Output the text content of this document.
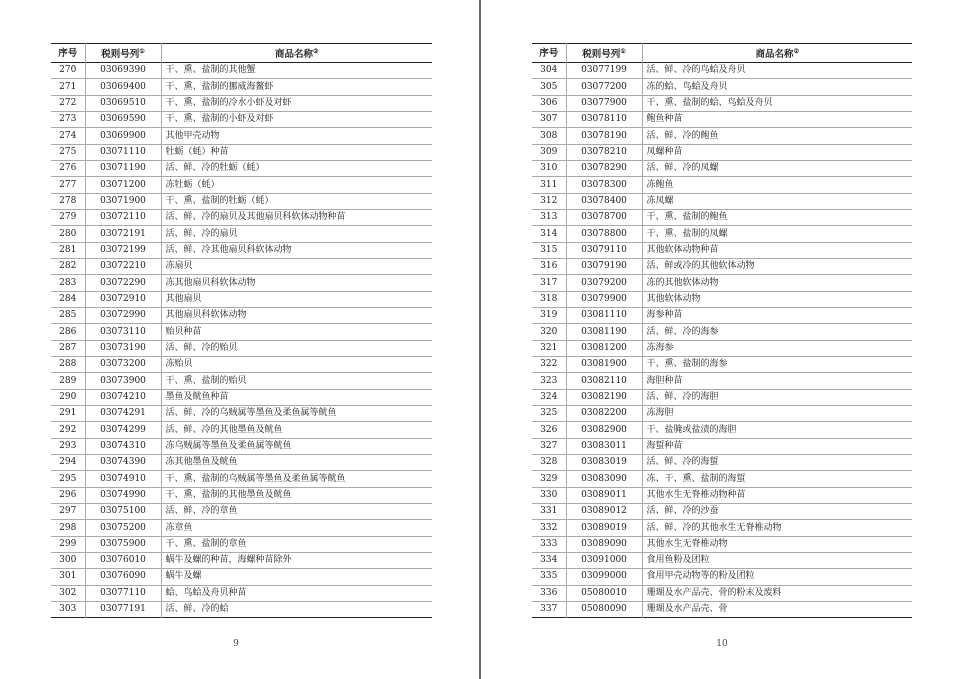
序号	税则号列①	商品名称②
270	03069390	干、熏、盐制的其他蟹
271	03069400	干、熏、盐制的挪威海鳌虾
272	03069510	干、熏、盐制的冷水小虾及对虾
273	03069590	干、熏、盐制的小虾及对虾
274	03069900	其他甲壳动物
275	03071110	牡蛎（蚝）种苗
276	03071190	活、鲜、冷的牡蛎（蚝）
277	03071200	冻牡蛎（蚝）
278	03071900	干、熏、盐制的牡蛎（蚝）
279	03072110	活、鲜、冷的扇贝及其他扇贝科软体动物种苗
280	03072191	活、鲜、冷的扇贝
281	03072199	活、鲜、冷其他扇贝科软体动物
282	03072210	冻扇贝
283	03072290	冻其他扇贝科软体动物
284	03072910	其他扇贝
285	03072990	其他扇贝科软体动物
286	03073110	贻贝种苗
287	03073190	活、鲜、冷的贻贝
288	03073200	冻贻贝
289	03073900	干、熏、盐制的贻贝
290	03074210	墨鱼及鱿鱼种苗
291	03074291	活、鲜、冷的乌贼属等墨鱼及柔鱼属等鱿鱼
292	03074299	活、鲜、冷的其他墨鱼及鱿鱼
293	03074310	冻乌贼属等墨鱼及柔鱼属等鱿鱼
294	03074390	冻其他墨鱼及鱿鱼
295	03074910	干、熏、盐制的乌贼属等墨鱼及柔鱼属等鱿鱼
296	03074990	干、熏、盐制的其他墨鱼及鱿鱼
297	03075100	活、鲜、冷的章鱼
298	03075200	冻章鱼
299	03075900	干、熏、盐制的章鱼
300	03076010	蜗牛及螺的种苗，海螺种苗除外
301	03076090	蜗牛及螺
302	03077110	蛤、鸟蛤及舟贝种苗
303	03077191	活、鲜、冷的蛤
9
序号	税则号列①	商品名称②
304	03077199	活、鲜、冷的鸟蛤及舟贝
305	03077200	冻的蛤、鸟蛤及舟贝
306	03077900	干、熏、盐制的蛤、鸟蛤及舟贝
307	03078110	鲍鱼种苗
308	03078190	活、鲜、冷的鲍鱼
309	03078210	凤螺种苗
310	03078290	活、鲜、冷的凤螺
311	03078300	冻鲍鱼
312	03078400	冻凤螺
313	03078700	干、熏、盐制的鲍鱼
314	03078800	干、熏、盐制的凤螺
315	03079110	其他软体动物种苗
316	03079190	活、鲜或冷的其他软体动物
317	03079200	冻的其他软体动物
318	03079900	其他软体动物
319	03081110	海参种苗
320	03081190	活、鲜、冷的海参
321	03081200	冻海参
322	03081900	干、熏、盐制的海参
323	03082110	海胆种苗
324	03082190	活、鲜、冷的海胆
325	03082200	冻海胆
326	03082900	干、盐腌或盐渍的海胆
327	03083011	海蜇种苗
328	03083019	活、鲜、冷的海蜇
329	03083090	冻、干、熏、盐制的海蜇
330	03089011	其他水生无脊椎动物种苗
331	03089012	活、鲜、冷的沙蚕
332	03089019	活、鲜、冷的其他水生无脊椎动物
333	03089090	其他水生无脊椎动物
334	03091000	食用鱼粉及团粒
335	03099000	食用甲壳动物等的粉及团粒
336	05080010	珊瑚及水产品壳、骨的粉末及废料
337	05080090	珊瑚及水产品壳、骨
10
